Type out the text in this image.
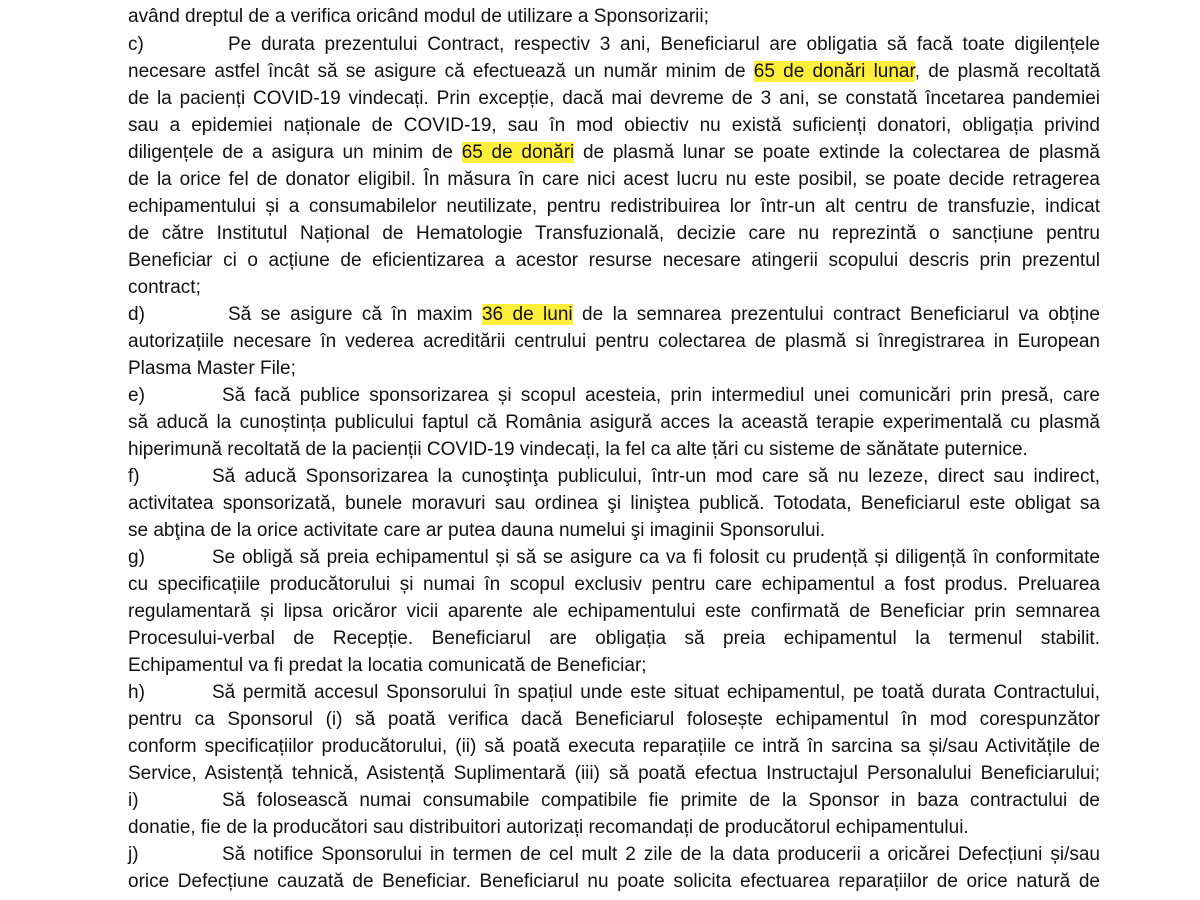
având dreptul de a verifica oricând modul de utilizare a Sponsorizarii;
c)	Pe durata prezentului Contract, respectiv 3 ani, Beneficiarul are obligatia să facă toate digilențele
necesare astfel încât să se asigure că efectuează un număr minim de 65 de donări lunar, de plasmă recoltată
de la pacienți COVID-19 vindecați. Prin excepție, dacă mai devreme de 3 ani, se constată încetarea pandemiei
sau a epidemiei naționale de COVID-19, sau în mod obiectiv nu există suficienți donatori, obligația privind
diligențele de a asigura un minim de 65 de donări de plasmă lunar se poate extinde la colectarea de plasmă
de la orice fel de donator eligibil. În măsura în care nici acest lucru nu este posibil, se poate decide retragerea
echipamentului și a consumabilelor neutilizate, pentru redistribuirea lor într-un alt centru de transfuzie, indicat
de către Institutul Național de Hematologie Transfuzională, decizie care nu reprezintă o sancțiune pentru
Beneficiar ci o acțiune de eficientizarea a acestor resurse necesare atingerii scopului descris prin prezentul
contract;
d)	Să se asigure că în maxim 36 de luni de la semnarea prezentului contract Beneficiarul va obține
autorizațiile necesare în vederea acreditării centrului pentru colectarea de plasmă si înregistrarea in European
Plasma Master File;
e)	Să facă publice sponsorizarea și scopul acesteia, prin intermediul unei comunicări prin presă, care
să aducă la cunoștința publicului faptul că România asigură acces la această terapie experimentală cu plasmă
hiperimună recoltată de la pacienții COVID-19 vindecați, la fel ca alte țări cu sisteme de sănătate puternice.
f)	Să aducă Sponsorizarea la cunoştinţa publicului, într-un mod care să nu lezeze, direct sau indirect,
activitatea sponsorizată, bunele moravuri sau ordinea şi liniştea publică. Totodata, Beneficiarul este obligat sa
se abţina de la orice activitate care ar putea dauna numelui şi imaginii Sponsorului.
g)	Se obligă să preia echipamentul și să se asigure ca va fi folosit cu prudență și diligență în conformitate
cu specificațiile producătorului și numai în scopul exclusiv pentru care echipamentul a fost produs. Preluarea
regulamentară și lipsa oricăror vicii aparente ale echipamentului este confirmată de Beneficiar prin semnarea
Procesului-verbal de Recepție. Beneficiarul are obligația să preia echipamentul la termenul stabilit.
Echipamentul va fi predat la locatia comunicată de Beneficiar;
h)	Să permită accesul Sponsorului în spațiul unde este situat echipamentul, pe toată durata Contractului,
pentru ca Sponsorul (i) să poată verifica dacă Beneficiarul folosește echipamentul în mod corespunzător
conform specificațiilor producătorului, (ii) să poată executa reparațiile ce intră în sarcina sa și/sau Activitățile de
Service, Asistență tehnică, Asistență Suplimentară (iii) să poată efectua Instructajul Personalului Beneficiarului;
i)	Să folosească numai consumabile compatibile fie primite de la Sponsor in baza contractului de
donatie, fie de la producători sau distribuitori autorizați recomandați de producătorul echipamentului.
j)	Să notifice Sponsorului in termen de cel mult 2 zile de la data producerii a oricărei Defecțiuni și/sau
orice Defecțiune cauzată de Beneficiar. Beneficiarul nu poate solicita efectuarea reparațiilor de orice natură de
